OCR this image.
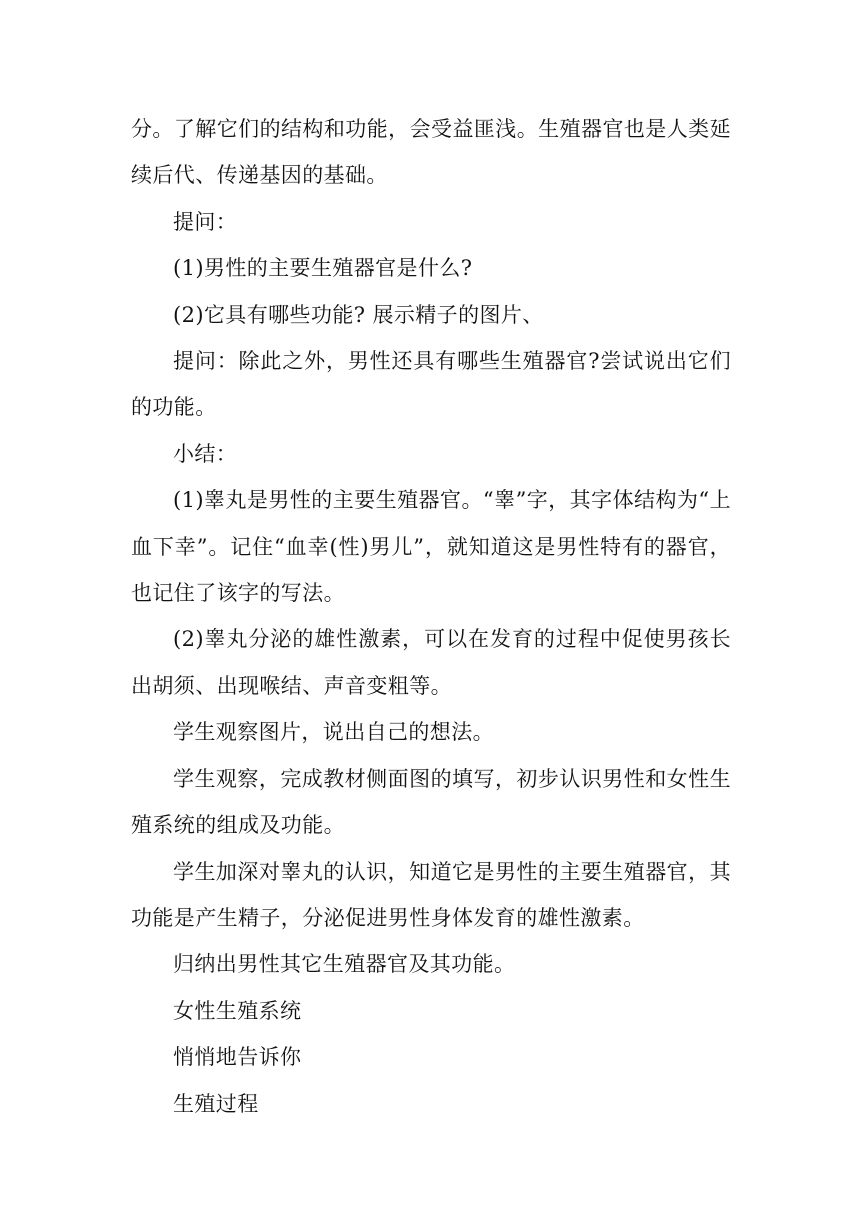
分。了解它们的结构和功能，会受益匪浅。生殖器官也是人类延续后代、传递基因的基础。

提问：

(1)男性的主要生殖器官是什么?

(2)它具有哪些功能? 展示精子的图片、

提问：除此之外，男性还具有哪些生殖器官?尝试说出它们的功能。

小结：

(1)睾丸是男性的主要生殖器官。“睾”字，其字体结构为“上血下幸”。记住“血幸(性)男儿”，就知道这是男性特有的器官，也记住了该字的写法。

(2)睾丸分泌的雄性激素，可以在发育的过程中促使男孩长出胡须、出现喉结、声音变粗等。

学生观察图片，说出自己的想法。

学生观察，完成教材侧面图的填写，初步认识男性和女性生殖系统的组成及功能。

学生加深对睾丸的认识，知道它是男性的主要生殖器官，其功能是产生精子，分泌促进男性身体发育的雄性激素。

归纳出男性其它生殖器官及其功能。

女性生殖系统

悄悄地告诉你

生殖过程
